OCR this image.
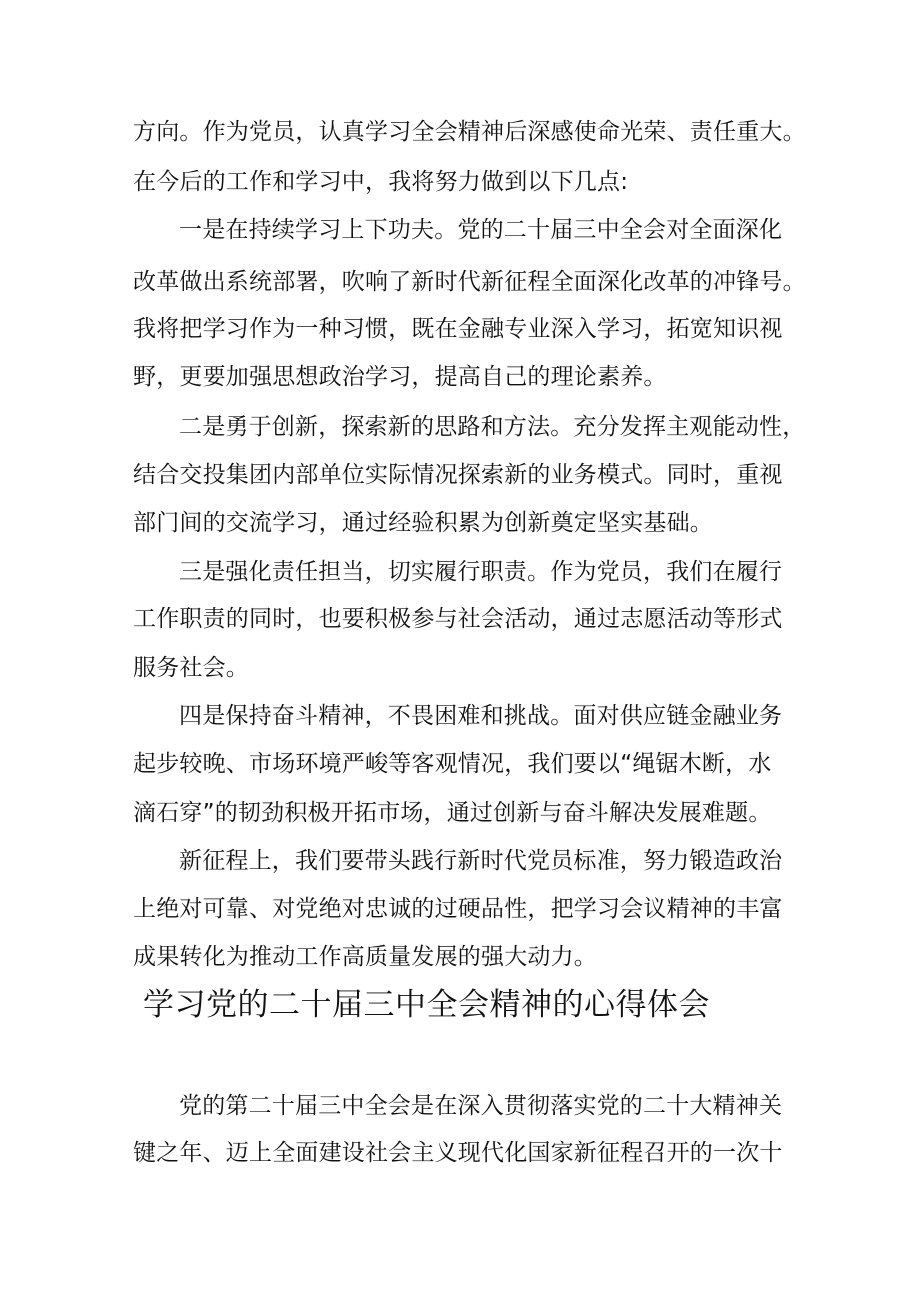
方向。作为党员，认真学习全会精神后深感使命光荣、责任重大。
在今后的工作和学习中，我将努力做到以下几点:
一是在持续学习上下功夫。党的二十届三中全会对全面深化
改革做出系统部署，吹响了新时代新征程全面深化改革的冲锋号。
我将把学习作为一种习惯，既在金融专业深入学习，拓宽知识视
野，更要加强思想政治学习，提高自己的理论素养。
二是勇于创新，探索新的思路和方法。充分发挥主观能动性，
结合交投集团内部单位实际情况探索新的业务模式。同时，重视
部门间的交流学习，通过经验积累为创新奠定坚实基础。
三是强化责任担当，切实履行职责。作为党员，我们在履行
工作职责的同时，也要积极参与社会活动，通过志愿活动等形式
服务社会。
四是保持奋斗精神，不畏困难和挑战。面对供应链金融业务
起步较晚、市场环境严峻等客观情况，我们要以“绳锯木断，水
滴石穿”的韧劲积极开拓市场，通过创新与奋斗解决发展难题。
新征程上，我们要带头践行新时代党员标准，努力锻造政治
上绝对可靠、对党绝对忠诚的过硬品性，把学习会议精神的丰富
成果转化为推动工作高质量发展的强大动力。
学习党的二十届三中全会精神的心得体会
党的第二十届三中全会是在深入贯彻落实党的二十大精神关
键之年、迈上全面建设社会主义现代化国家新征程召开的一次十
